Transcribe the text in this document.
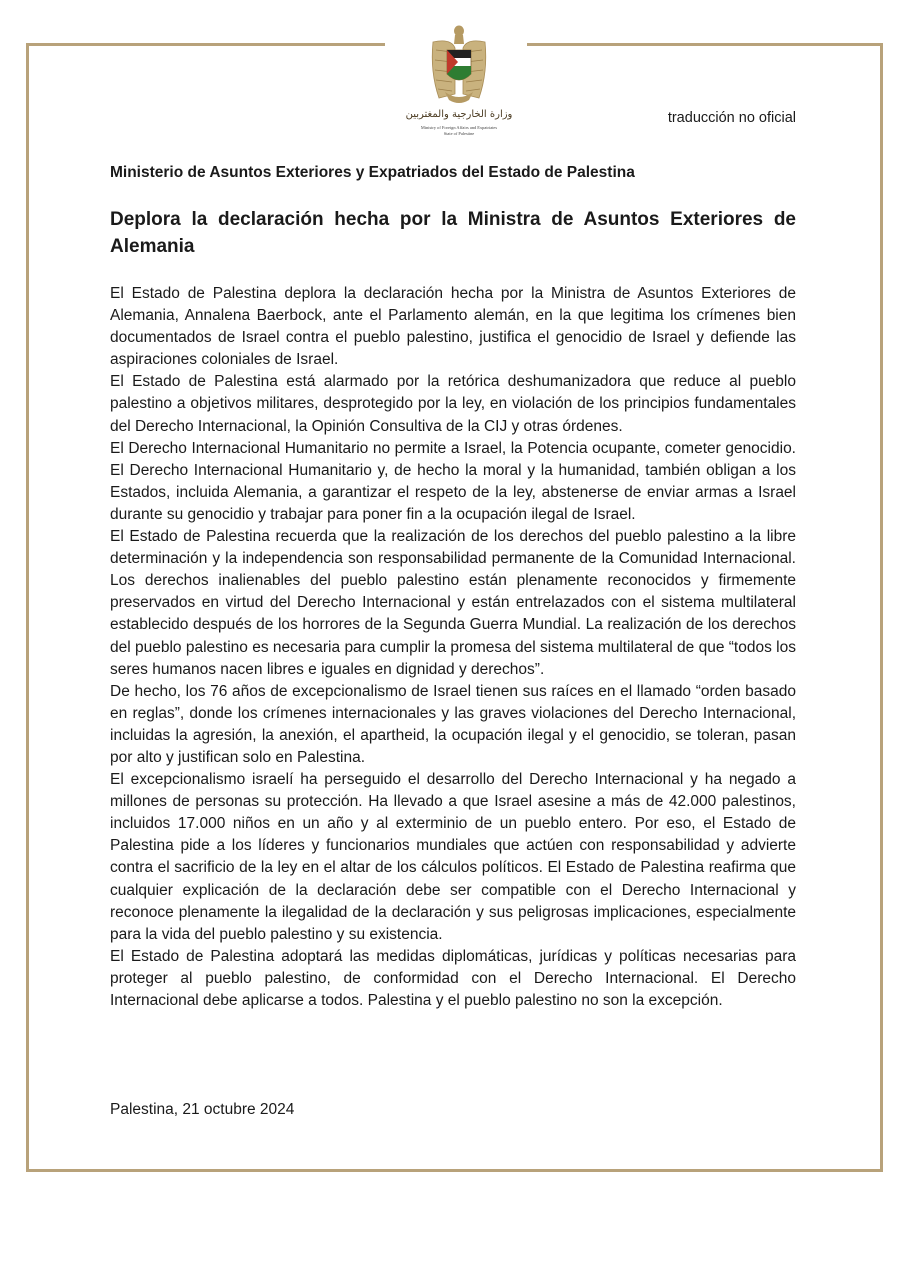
وزارة الخارجية والمغتربين
Ministry of Foreign Affairs and Expatriates
State of Palestine
traducción no oficial
Ministerio de Asuntos Exteriores y Expatriados del Estado de Palestina
Deplora la declaración hecha por la Ministra de Asuntos Exteriores de Alemania

El Estado de Palestina deplora la declaración hecha por la Ministra de Asuntos Exteriores de Alemania, Annalena Baerbock, ante el Parlamento alemán, en la que legitima los crímenes bien documentados de Israel contra el pueblo palestino, justifica el genocidio de Israel y defiende las aspiraciones coloniales de Israel.

El Estado de Palestina está alarmado por la retórica deshumanizadora que reduce al pueblo palestino a objetivos militares, desprotegido por la ley, en violación de los principios fundamentales del Derecho Internacional, la Opinión Consultiva de la CIJ y otras órdenes.

El Derecho Internacional Humanitario no permite a Israel, la Potencia ocupante, cometer genocidio. El Derecho Internacional Humanitario y, de hecho la moral y la humanidad, también obligan a los Estados, incluida Alemania, a garantizar el respeto de la ley, abstenerse de enviar armas a Israel durante su genocidio y trabajar para poner fin a la ocupación ilegal de Israel.

El Estado de Palestina recuerda que la realización de los derechos del pueblo palestino a la libre determinación y la independencia son responsabilidad permanente de la Comunidad Internacional. Los derechos inalienables del pueblo palestino están plenamente reconocidos y firmemente preservados en virtud del Derecho Internacional y están entrelazados con el sistema multilateral establecido después de los horrores de la Segunda Guerra Mundial. La realización de los derechos del pueblo palestino es necesaria para cumplir la promesa del sistema multilateral de que “todos los seres humanos nacen libres e iguales en dignidad y derechos”.

De hecho, los 76 años de excepcionalismo de Israel tienen sus raíces en el llamado “orden basado en reglas”, donde los crímenes internacionales y las graves violaciones del Derecho Internacional, incluidas la agresión, la anexión, el apartheid, la ocupación ilegal y el genocidio, se toleran, pasan por alto y justifican solo en Palestina.

El excepcionalismo israelí ha perseguido el desarrollo del Derecho Internacional y ha negado a millones de personas su protección. Ha llevado a que Israel asesine a más de 42.000 palestinos, incluidos 17.000 niños en un año y al exterminio de un pueblo entero. Por eso, el Estado de Palestina pide a los líderes y funcionarios mundiales que actúen con responsabilidad y advierte contra el sacrificio de la ley en el altar de los cálculos políticos. El Estado de Palestina reafirma que cualquier explicación de la declaración debe ser compatible con el Derecho Internacional y reconoce plenamente la ilegalidad de la declaración y sus peligrosas implicaciones, especialmente para la vida del pueblo palestino y su existencia.

El Estado de Palestina adoptará las medidas diplomáticas, jurídicas y políticas necesarias para proteger al pueblo palestino, de conformidad con el Derecho Internacional. El Derecho Internacional debe aplicarse a todos. Palestina y el pueblo palestino no son la excepción.

Palestina, 21 octubre 2024
